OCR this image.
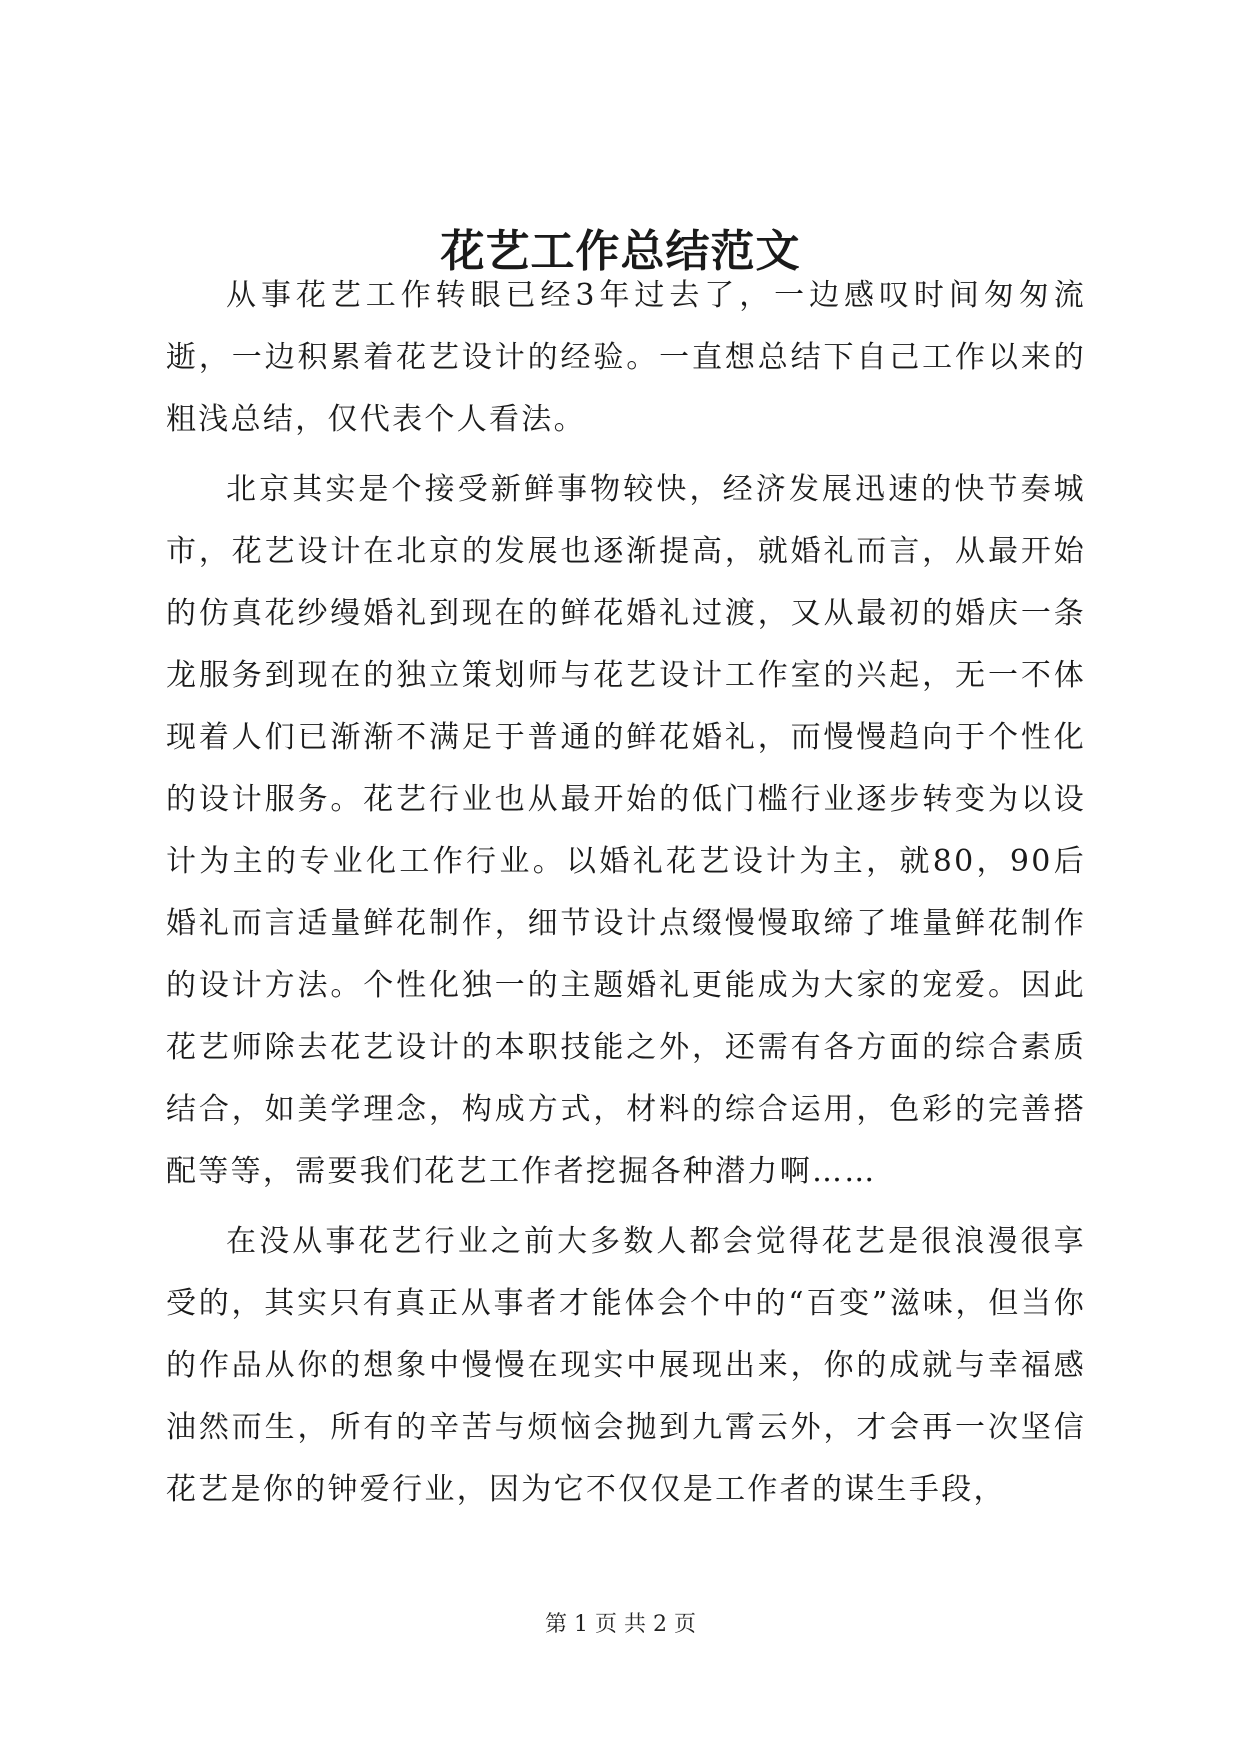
花艺工作总结范文

从事花艺工作转眼已经3年过去了，一边感叹时间匆匆流逝，一边积累着花艺设计的经验。一直想总结下自己工作以来的粗浅总结，仅代表个人看法。

北京其实是个接受新鲜事物较快，经济发展迅速的快节奏城市，花艺设计在北京的发展也逐渐提高，就婚礼而言，从最开始的仿真花纱缦婚礼到现在的鲜花婚礼过渡，又从最初的婚庆一条龙服务到现在的独立策划师与花艺设计工作室的兴起，无一不体现着人们已渐渐不满足于普通的鲜花婚礼，而慢慢趋向于个性化的设计服务。花艺行业也从最开始的低门槛行业逐步转变为以设计为主的专业化工作行业。以婚礼花艺设计为主，就80，90后婚礼而言适量鲜花制作，细节设计点缀慢慢取缔了堆量鲜花制作的设计方法。个性化独一的主题婚礼更能成为大家的宠爱。因此花艺师除去花艺设计的本职技能之外，还需有各方面的综合素质结合，如美学理念，构成方式，材料的综合运用，色彩的完善搭配等等，需要我们花艺工作者挖掘各种潜力啊……

在没从事花艺行业之前大多数人都会觉得花艺是很浪漫很享受的，其实只有真正从事者才能体会个中的“百变”滋味，但当你的作品从你的想象中慢慢在现实中展现出来，你的成就与幸福感油然而生，所有的辛苦与烦恼会抛到九霄云外，才会再一次坚信花艺是你的钟爱行业，因为它不仅仅是工作者的谋生手段，

第 1 页 共 2 页
